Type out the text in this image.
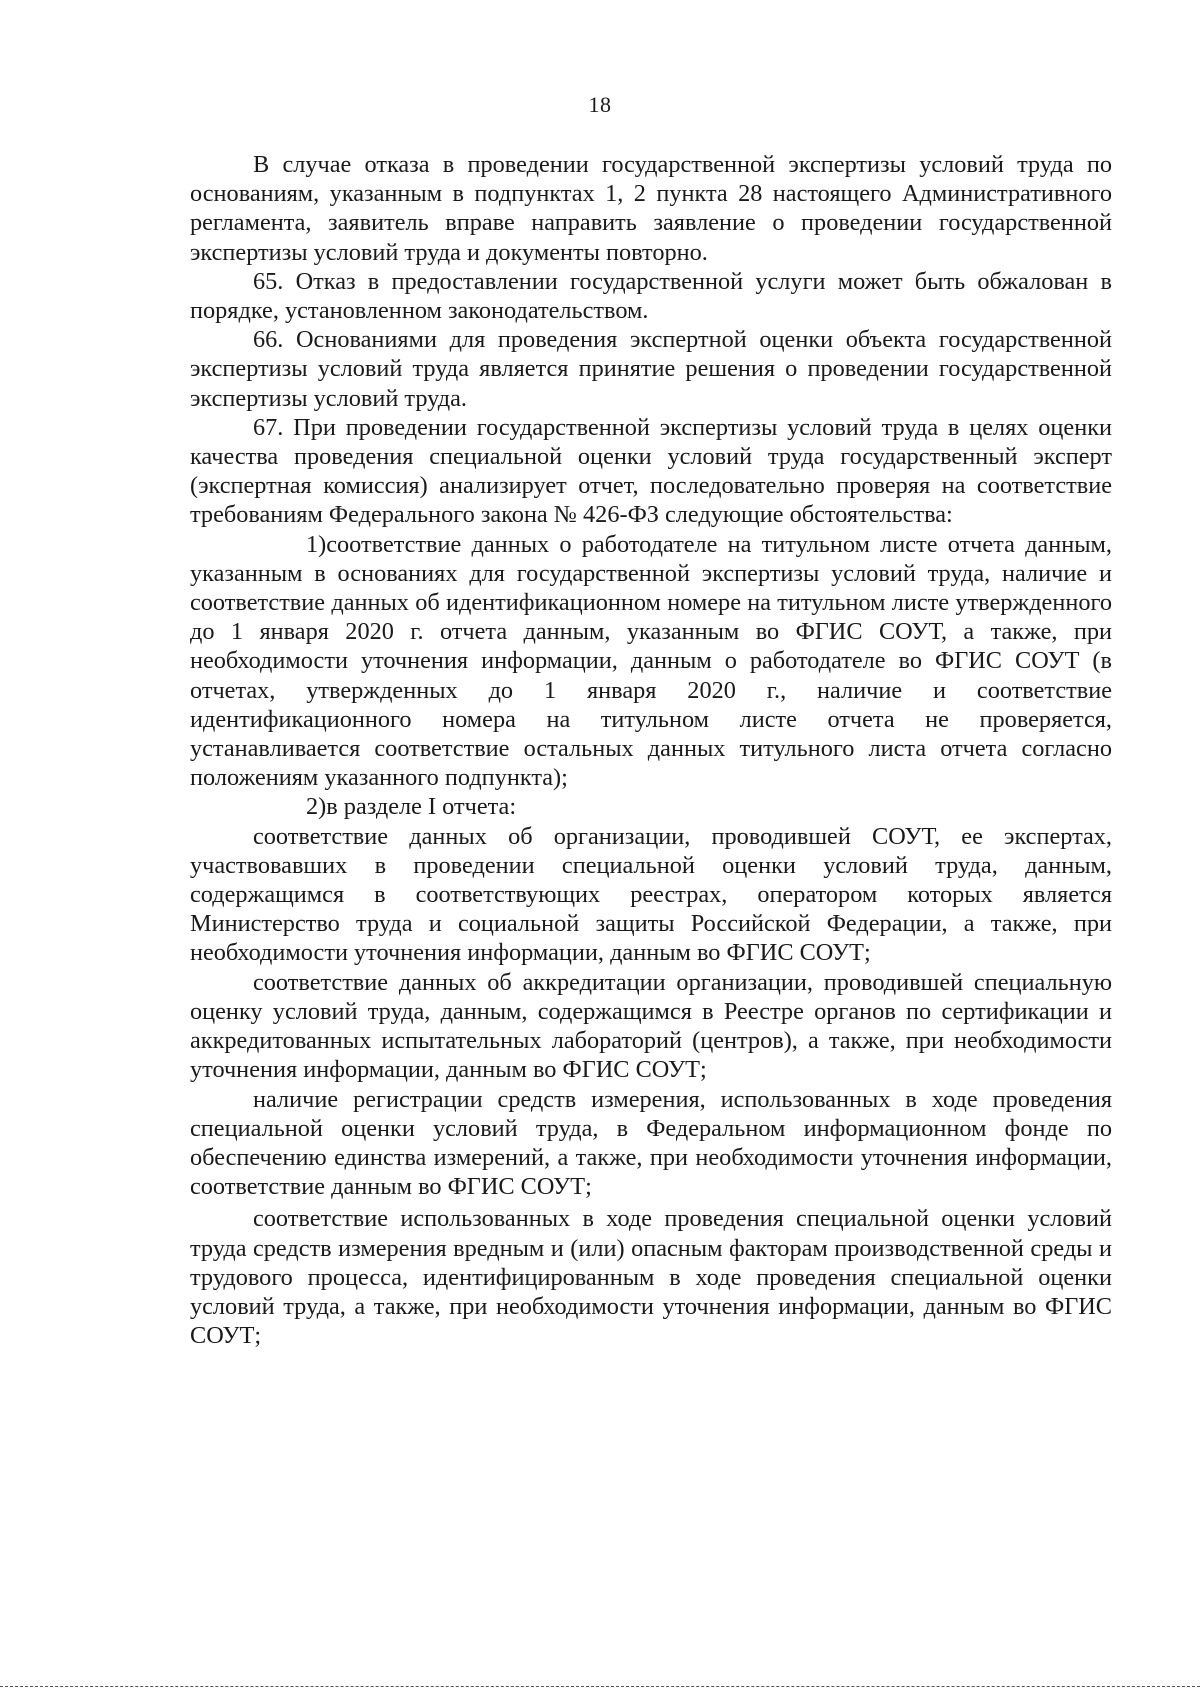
18

В случае отказа в проведении государственной экспертизы условий труда по основаниям, указанным в подпунктах 1, 2 пункта 28 настоящего Административного регламента, заявитель вправе направить заявление о проведении государственной экспертизы условий труда и документы повторно.

65. Отказ в предоставлении государственной услуги может быть обжалован в порядке, установленном законодательством.

66. Основаниями для проведения экспертной оценки объекта государственной экспертизы условий труда является принятие решения о проведении государственной экспертизы условий труда.

67. При проведении государственной экспертизы условий труда в целях оценки качества проведения специальной оценки условий труда государственный эксперт (экспертная комиссия) анализирует отчет, последовательно проверяя на соответствие требованиям Федерального закона № 426-ФЗ следующие обстоятельства:

1)соответствие данных о работодателе на титульном листе отчета данным, указанным в основаниях для государственной экспертизы условий труда, наличие и соответствие данных об идентификационном номере на титульном листе утвержденного до 1 января 2020 г. отчета данным, указанным во ФГИС СОУТ, а также, при необходимости уточнения информации, данным о работодателе во ФГИС СОУТ (в отчетах, утвержденных до 1 января 2020 г., наличие и соответствие идентификационного номера на титульном листе отчета не проверяется, устанавливается соответствие остальных данных титульного листа отчета согласно положениям указанного подпункта);

2)в разделе I отчета:

соответствие данных об организации, проводившей СОУТ, ее экспертах, участвовавших в проведении специальной оценки условий труда, данным, содержащимся в соответствующих реестрах, оператором которых является Министерство труда и социальной защиты Российской Федерации, а также, при необходимости уточнения информации, данным во ФГИС СОУТ;

соответствие данных об аккредитации организации, проводившей специальную оценку условий труда, данным, содержащимся в Реестре органов по сертификации и аккредитованных испытательных лабораторий (центров), а также, при необходимости уточнения информации, данным во ФГИС СОУТ;

наличие регистрации средств измерения, использованных в ходе проведения специальной оценки условий труда, в Федеральном информационном фонде по обеспечению единства измерений, а также, при необходимости уточнения информации, соответствие данным во ФГИС СОУТ;

соответствие использованных в ходе проведения специальной оценки условий труда средств измерения вредным и (или) опасным факторам производственной среды и трудового процесса, идентифицированным в ходе проведения специальной оценки условий труда, а также, при необходимости уточнения информации, данным во ФГИС СОУТ;
